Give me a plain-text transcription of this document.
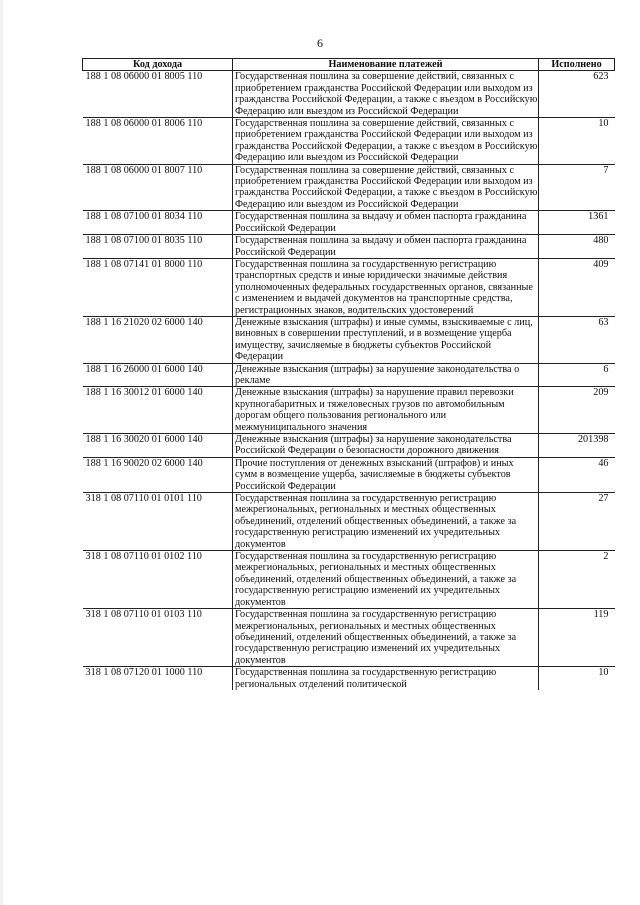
6
Код дохода	Наименование платежей	Исполнено
188 1 08 06000 01 8005 110	Государственная пошлина за совершение действий, связанных с приобретением гражданства Российской Федерации или выходом из гражданства Российской Федерации, а также с въездом в Российскую Федерацию или выездом из Российской Федерации	623
188 1 08 06000 01 8006 110	Государственная пошлина за совершение действий, связанных с приобретением гражданства Российской Федерации или выходом из гражданства Российской Федерации, а также с въездом в Российскую Федерацию или выездом из Российской Федерации	10
188 1 08 06000 01 8007 110	Государственная пошлина за совершение действий, связанных с приобретением гражданства Российской Федерации или выходом из гражданства Российской Федерации, а также с въездом в Российскую Федерацию или выездом из Российской Федерации	7
188 1 08 07100 01 8034 110	Государственная пошлина за выдачу и обмен паспорта гражданина Российской Федерации	1361
188 1 08 07100 01 8035 110	Государственная пошлина за выдачу и обмен паспорта гражданина Российской Федерации	480
188 1 08 07141 01 8000 110	Государственная пошлина за государственную регистрацию транспортных средств и иные юридически значимые действия уполномоченных федеральных государственных органов, связанные с изменением и выдачей документов на транспортные средства, регистрационных знаков, водительских удостоверений	409
188 1 16 21020 02 6000 140	Денежные взыскания (штрафы) и иные суммы, взыскиваемые с лиц, виновных в совершении преступлений, и в возмещение ущерба имуществу, зачисляемые в бюджеты субъектов Российской Федерации	63
188 1 16 26000 01 6000 140	Денежные взыскания (штрафы) за нарушение законодательства о рекламе	6
188 1 16 30012 01 6000 140	Денежные взыскания (штрафы) за нарушение правил перевозки крупногабаритных и тяжеловесных грузов по автомобильным дорогам общего пользования регионального или межмуниципального значения	209
188 1 16 30020 01 6000 140	Денежные взыскания (штрафы) за нарушение законодательства Российской Федерации о безопасности дорожного движения	201398
188 1 16 90020 02 6000 140	Прочие поступления от денежных взысканий (штрафов) и иных сумм в возмещение ущерба, зачисляемые в бюджеты субъектов Российской Федерации	46
318 1 08 07110 01 0101 110	Государственная пошлина за государственную регистрацию межрегиональных, региональных и местных общественных объединений, отделений общественных объединений, а также за государственную регистрацию изменений их учредительных документов	27
318 1 08 07110 01 0102 110	Государственная пошлина за государственную регистрацию межрегиональных, региональных и местных общественных объединений, отделений общественных объединений, а также за государственную регистрацию изменений их учредительных документов	2
318 1 08 07110 01 0103 110	Государственная пошлина за государственную регистрацию межрегиональных, региональных и местных общественных объединений, отделений общественных объединений, а также за государственную регистрацию изменений их учредительных документов	119
318 1 08 07120 01 1000 110	Государственная пошлина за государственную регистрацию региональных отделений политической	10
